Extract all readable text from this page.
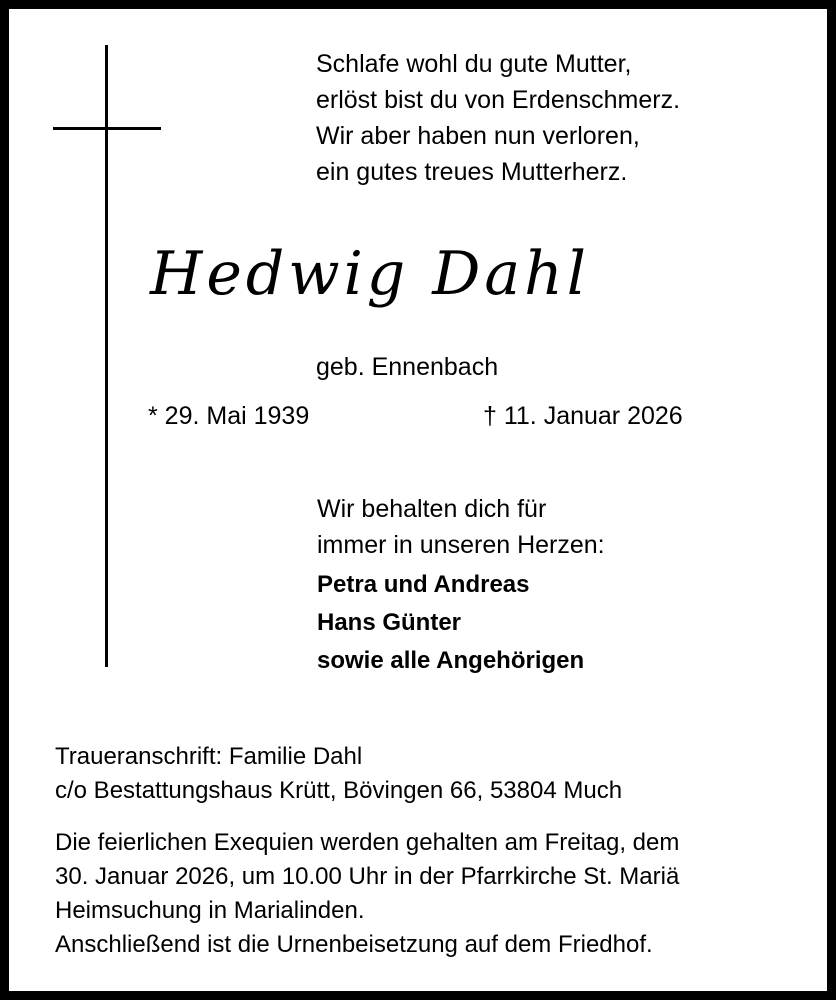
Schlafe wohl du gute Mutter,
erlöst bist du von Erdenschmerz.
Wir aber haben nun verloren,
ein gutes treues Mutterherz.
Hedwig Dahl
geb. Ennenbach
* 29. Mai 1939	† 11. Januar 2026
Wir behalten dich für
immer in unseren Herzen:
Petra und Andreas
Hans Günter
sowie alle Angehörigen
Traueranschrift: Familie Dahl
c/o Bestattungshaus Krütt, Bövingen 66, 53804 Much
Die feierlichen Exequien werden gehalten am Freitag, dem
30. Januar 2026, um 10.00 Uhr in der Pfarrkirche St. Mariä
Heimsuchung in Marialinden.
Anschließend ist die Urnenbeisetzung auf dem Friedhof.
